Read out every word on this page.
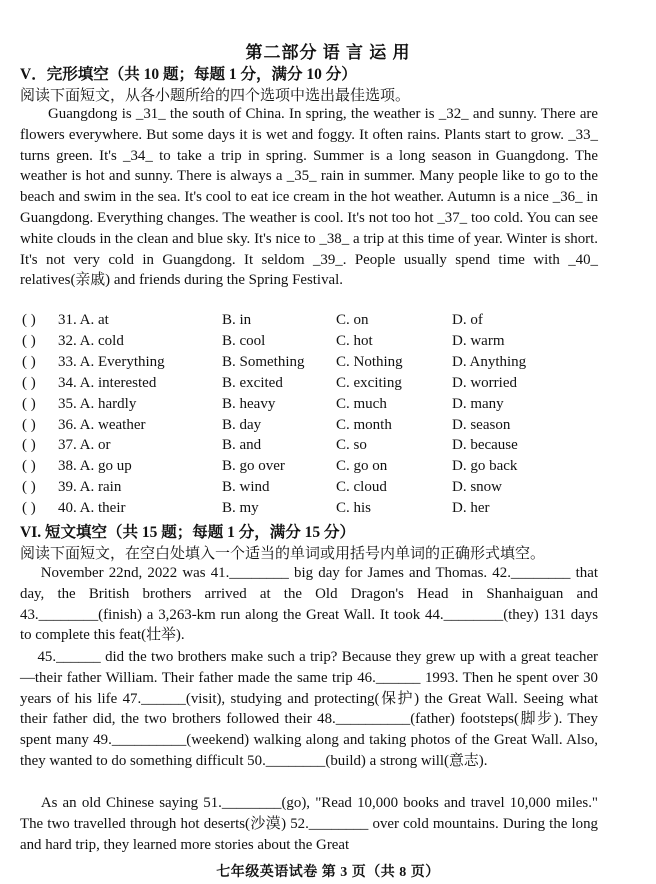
第二部分 语 言 运 用
V．完形填空（共 10 题；每题 1 分，满分 10 分）
阅读下面短文，从各小题所给的四个选项中选出最佳选项。
Guangdong is _31_ the south of China. In spring, the weather is _32_ and sunny. There are flowers everywhere. But some days it is wet and foggy. It often rains. Plants start to grow. _33_ turns green. It's _34_ to take a trip in spring. Summer is a long season in Guangdong. The weather is hot and sunny. There is always a _35_ rain in summer. Many people like to go to the beach and swim in the sea. It's cool to eat ice cream in the hot weather. Autumn is a nice _36_ in Guangdong. Everything changes. The weather is cool. It's not too hot _37_ too cold. You can see white clouds in the clean and blue sky. It's nice to _38_ a trip at this time of year. Winter is short. It's not very cold in Guangdong. It seldom _39_. People usually spend time with _40_ relatives(亲戚) and friends during the Spring Festival.
( ) 31. A. at	B. in	C. on	D. of
( ) 32. A. cold	B. cool	C. hot	D. warm
( ) 33. A. Everything	B. Something C. Nothing	D. Anything
( ) 34. A. interested	B. excited	C. exciting	D. worried
( ) 35. A. hardly	B. heavy	C. much	D. many
( ) 36. A. weather	B. day	C. month	D. season
( ) 37. A. or	B. and	C. so	D. because
( ) 38. A. go up	B. go over	C. go on	D. go back
( ) 39. A. rain	B. wind	C. cloud	D. snow
( ) 40. A. their	B. my	C. his	D. her
VI. 短文填空（共 15 题；每题 1 分，满分 15 分）
阅读下面短文，在空白处填入一个适当的单词或用括号内单词的正确形式填空。
November 22nd, 2022 was 41.________ big day for James and Thomas. 42.________ that day, the British brothers arrived at the Old Dragon's Head in Shanhaiguan and 43.________(finish) a 3,263-km run along the Great Wall. It took 44.________(they) 131 days to complete this feat(壮举).
45.______ did the two brothers make such a trip? Because they grew up with a great teacher—their father William. Their father made the same trip 46.______ 1993. Then he spent over 30 years of his life 47.______(visit), studying and protecting(保护) the Great Wall. Seeing what their father did, the two brothers followed their 48.__________(father) footsteps(脚步). They spent many 49.__________(weekend) walking along and taking photos of the Great Wall. Also, they wanted to do something difficult 50.________(build) a strong will(意志).
As an old Chinese saying 51.________(go), "Read 10,000 books and travel 10,000 miles." The two travelled through hot deserts(沙漠) 52.________ over cold mountains. During the long and hard trip, they learned more stories about the Great
七年级英语试卷 第 3 页（共 8 页）
